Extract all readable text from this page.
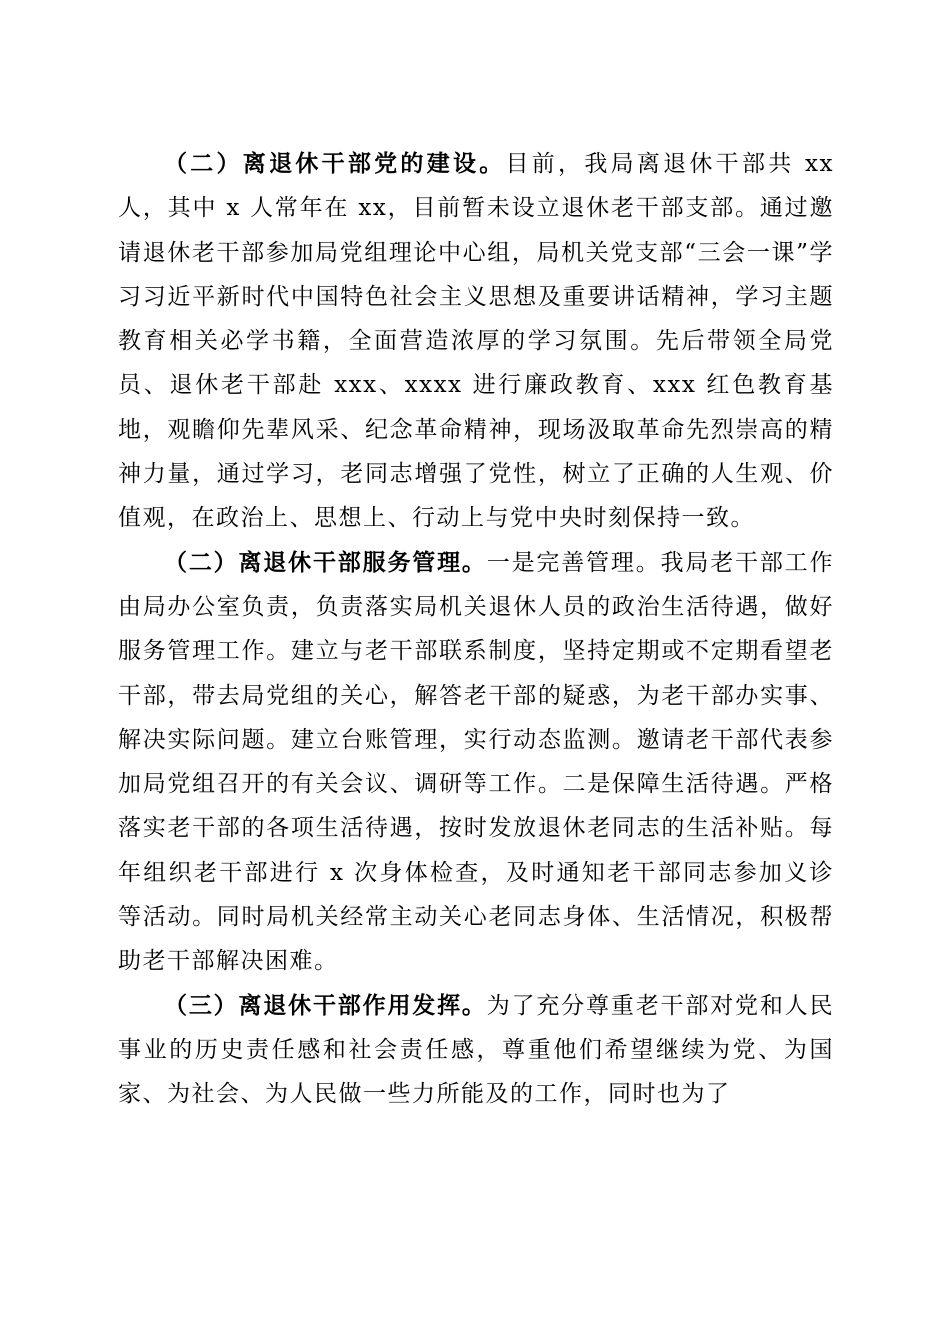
（二）离退休干部党的建设。目前，我局离退休干部共 xx 人，其中 x 人常年在 xx，目前暂未设立退休老干部支部。通过邀请退休老干部参加局党组理论中心组，局机关党支部“三会一课”学习习近平新时代中国特色社会主义思想及重要讲话精神，学习主题教育相关必学书籍，全面营造浓厚的学习氛围。先后带领全局党员、退休老干部赴 xxx、xxxx 进行廉政教育、xxx 红色教育基地，观瞻仰先辈风采、纪念革命精神，现场汲取革命先烈崇高的精神力量，通过学习，老同志增强了党性，树立了正确的人生观、价值观，在政治上、思想上、行动上与党中央时刻保持一致。

（二）离退休干部服务管理。一是完善管理。我局老干部工作由局办公室负责，负责落实局机关退休人员的政治生活待遇，做好服务管理工作。建立与老干部联系制度，坚持定期或不定期看望老干部，带去局党组的关心，解答老干部的疑惑，为老干部办实事、解决实际问题。建立台账管理，实行动态监测。邀请老干部代表参加局党组召开的有关会议、调研等工作。二是保障生活待遇。严格落实老干部的各项生活待遇，按时发放退休老同志的生活补贴。每年组织老干部进行 x 次身体检查，及时通知老干部同志参加义诊等活动。同时局机关经常主动关心老同志身体、生活情况，积极帮助老干部解决困难。

（三）离退休干部作用发挥。为了充分尊重老干部对党和人民事业的历史责任感和社会责任感，尊重他们希望继续为党、为国家、为社会、为人民做一些力所能及的工作，同时也为了
